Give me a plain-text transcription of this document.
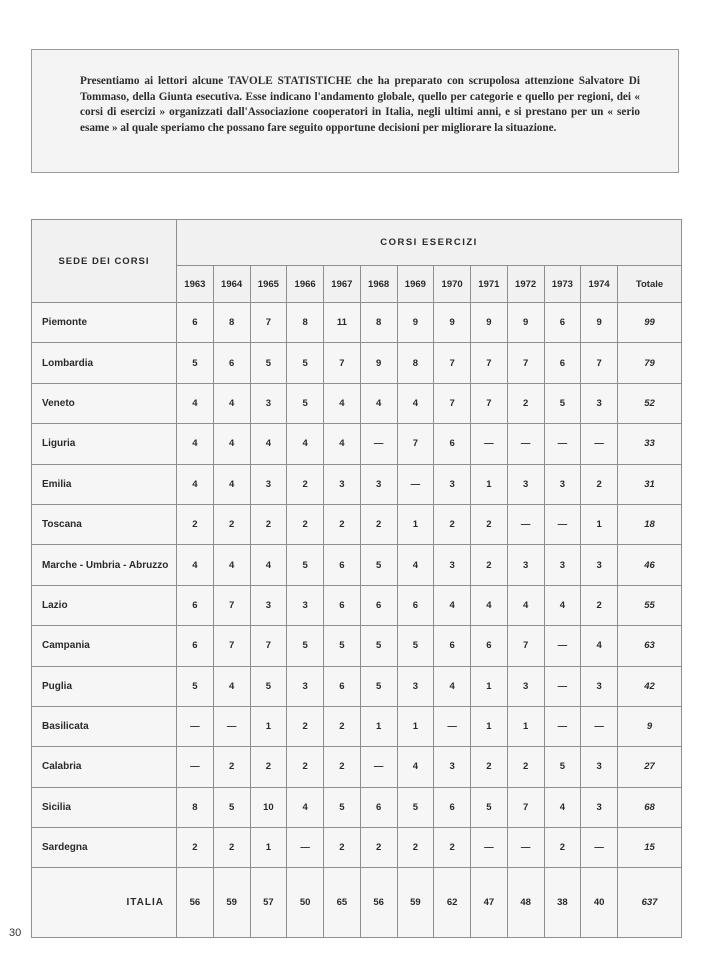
Presentiamo ai lettori alcune TAVOLE STATISTICHE che ha preparato con scrupolosa attenzione Salvatore Di Tommaso, della Giunta esecutiva. Esse indicano l'andamento globale, quello per categorie e quello per regioni, dei « corsi di esercizi » organizzati dall'Associazione cooperatori in Italia, negli ultimi anni, e si prestano per un « serio esame » al quale speriamo che possano fare seguito opportune decisioni per migliorare la situazione.
SEDE DEI CORSI	CORSI ESERCIZI												
	1963	1964	1965	1966	1967	1968	1969	1970	1971	1972	1973	1974	Totale
Piemonte	6	8	7	8	11	8	9	9	9	9	6	9	99
Lombardia	5	6	5	5	7	9	8	7	7	7	6	7	79
Veneto	4	4	3	5	4	4	4	7	7	2	5	3	52
Liguria	4	4	4	4	4	—	7	6	—	—	—	—	33
Emilia	4	4	3	2	3	3	—	3	1	3	3	2	31
Toscana	2	2	2	2	2	2	1	2	2	—	—	1	18
Marche - Umbria - Abruzzo	4	4	4	5	6	5	4	3	2	3	3	3	46
Lazio	6	7	3	3	6	6	6	4	4	4	4	2	55
Campania	6	7	7	5	5	5	5	6	6	7	—	4	63
Puglia	5	4	5	3	6	5	3	4	1	3	—	3	42
Basilicata	—	—	1	2	2	1	1	—	1	1	—	—	9
Calabria	—	2	2	2	2	—	4	3	2	2	5	3	27
Sicilia	8	5	10	4	5	6	5	6	5	7	4	3	68
Sardegna	2	2	1	—	2	2	2	2	—	—	2	—	15
ITALIA	56	59	57	50	65	56	59	62	47	48	38	40	637
30
